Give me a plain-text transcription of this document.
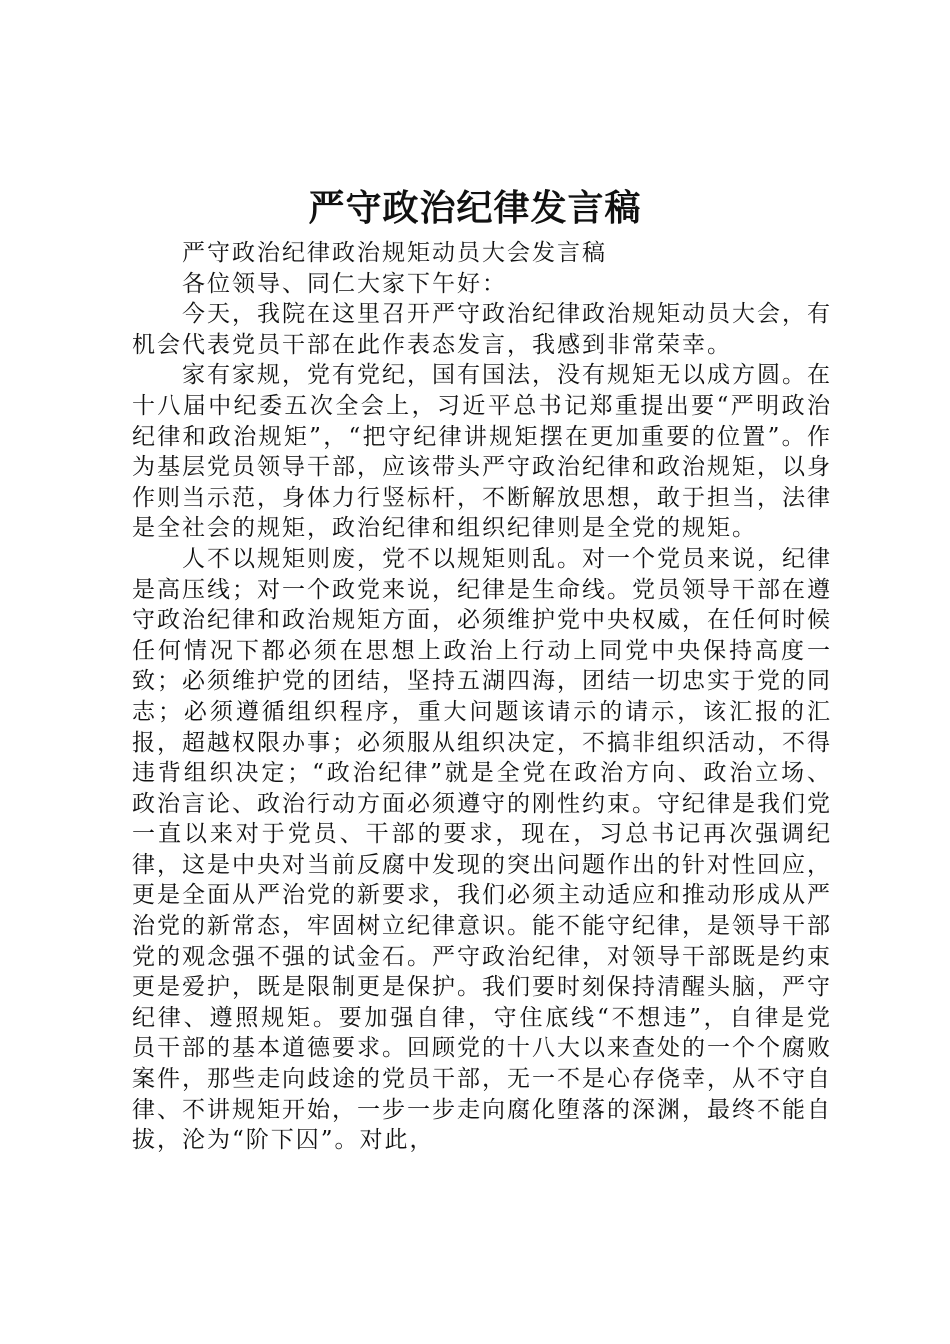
严守政治纪律发言稿

严守政治纪律政治规矩动员大会发言稿

各位领导、同仁大家下午好：

今天，我院在这里召开严守政治纪律政治规矩动员大会，有机会代表党员干部在此作表态发言，我感到非常荣幸。

家有家规，党有党纪，国有国法，没有规矩无以成方圆。在十八届中纪委五次全会上，习近平总书记郑重提出要“严明政治纪律和政治规矩”，“把守纪律讲规矩摆在更加重要的位置”。作为基层党员领导干部，应该带头严守政治纪律和政治规矩，以身作则当示范，身体力行竖标杆，不断解放思想，敢于担当，法律是全社会的规矩，政治纪律和组织纪律则是全党的规矩。

人不以规矩则废，党不以规矩则乱。对一个党员来说，纪律是高压线；对一个政党来说，纪律是生命线。党员领导干部在遵守政治纪律和政治规矩方面，必须维护党中央权威，在任何时候任何情况下都必须在思想上政治上行动上同党中央保持高度一致；必须维护党的团结，坚持五湖四海，团结一切忠实于党的同志；必须遵循组织程序，重大问题该请示的请示，该汇报的汇报，超越权限办事；必须服从组织决定，不搞非组织活动，不得违背组织决定；“政治纪律”就是全党在政治方向、政治立场、政治言论、政治行动方面必须遵守的刚性约束。守纪律是我们党一直以来对于党员、干部的要求，现在，习总书记再次强调纪律，这是中央对当前反腐中发现的突出问题作出的针对性回应，更是全面从严治党的新要求，我们必须主动适应和推动形成从严治党的新常态，牢固树立纪律意识。能不能守纪律，是领导干部党的观念强不强的试金石。严守政治纪律，对领导干部既是约束更是爱护，既是限制更是保护。我们要时刻保持清醒头脑，严守纪律、遵照规矩。要加强自律，守住底线“不想违”，自律是党员干部的基本道德要求。回顾党的十八大以来查处的一个个腐败案件，那些走向歧途的党员干部，无一不是心存侥幸，从不守自律、不讲规矩开始，一步一步走向腐化堕落的深渊，最终不能自拔，沦为“阶下囚”。对此，
